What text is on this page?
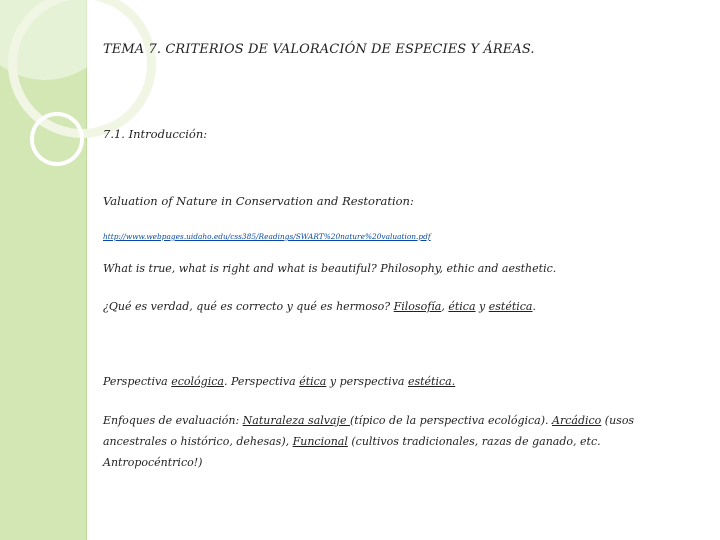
TEMA 7. CRITERIOS DE VALORACIÓN DE ESPECIES Y ÁREAS.
7.1. Introducción:
Valuation of Nature in Conservation and Restoration:
http://www.webpages.uidaho.edu/css385/Readings/SWART%20nature%20valuation.pdf
What is true, what is right and what is beautiful? Philosophy, ethic and aesthetic.
¿Qué es verdad, qué es correcto y qué es hermoso? Filosofía, ética y estética.
Perspectiva ecológica. Perspectiva ética y perspectiva estética.
Enfoques de evaluación: Naturaleza salvaje (típico de la perspectiva ecológica). Arcádico (usos ancestrales o histórico, dehesas), Funcional (cultivos tradicionales, razas de ganado, etc. Antropocéntrico!)
